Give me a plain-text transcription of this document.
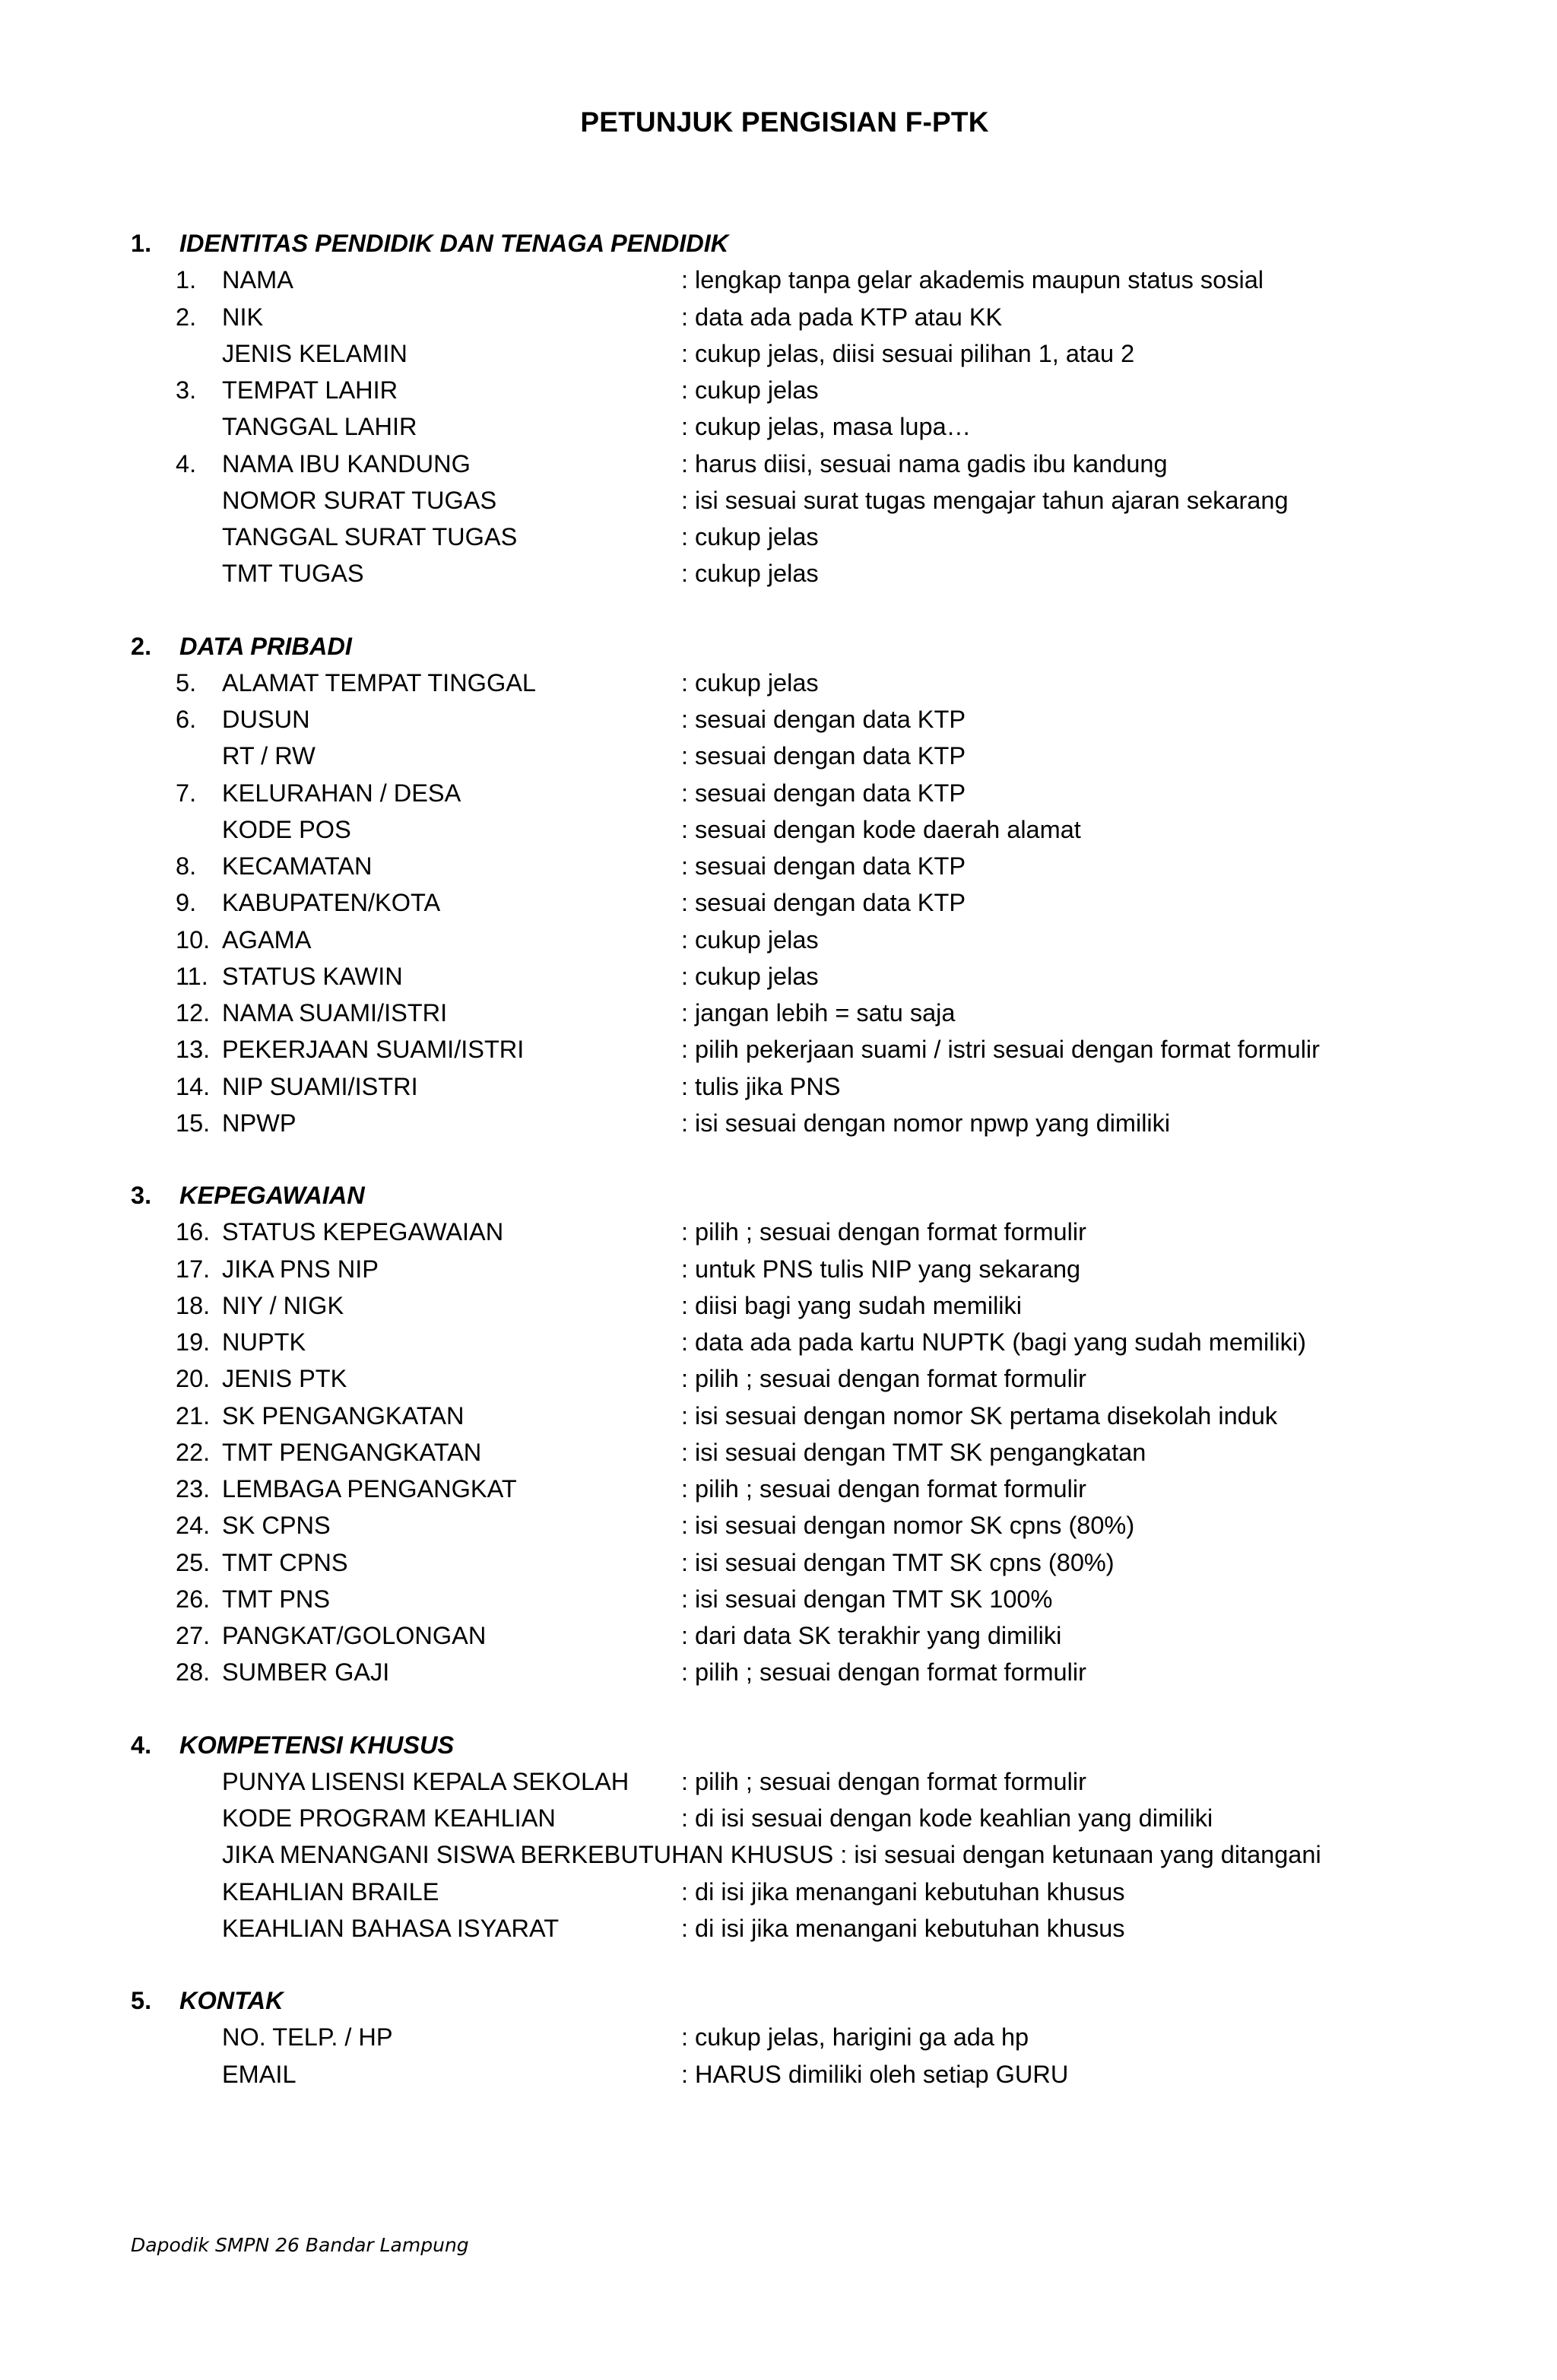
PETUNJUK PENGISIAN F-PTK
1. IDENTITAS PENDIDIK DAN TENAGA PENDIDIK
1. NAMA	: lengkap tanpa gelar akademis maupun status sosial
2. NIK	: data ada pada KTP atau KK
JENIS KELAMIN	: cukup jelas, diisi sesuai pilihan 1, atau 2
3. TEMPAT LAHIR	: cukup jelas
TANGGAL LAHIR	: cukup jelas, masa lupa…
4. NAMA IBU KANDUNG	: harus diisi, sesuai nama gadis ibu kandung
NOMOR SURAT TUGAS	: isi sesuai surat tugas mengajar tahun ajaran sekarang
TANGGAL SURAT TUGAS	: cukup jelas
TMT TUGAS	: cukup jelas
2. DATA PRIBADI
5. ALAMAT TEMPAT TINGGAL	: cukup jelas
6. DUSUN	: sesuai dengan data KTP
RT / RW	: sesuai dengan data KTP
7. KELURAHAN / DESA	: sesuai dengan data KTP
KODE POS	: sesuai dengan kode daerah alamat
8. KECAMATAN	: sesuai dengan data KTP
9. KABUPATEN/KOTA	: sesuai dengan data KTP
10. AGAMA	: cukup jelas
11. STATUS KAWIN	: cukup jelas
12. NAMA SUAMI/ISTRI	: jangan lebih = satu saja
13. PEKERJAAN SUAMI/ISTRI	: pilih pekerjaan suami / istri sesuai dengan format formulir
14. NIP SUAMI/ISTRI	: tulis jika PNS
15. NPWP	: isi sesuai dengan nomor npwp yang dimiliki
3. KEPEGAWAIAN
16. STATUS KEPEGAWAIAN	: pilih ; sesuai dengan format formulir
17. JIKA PNS NIP	: untuk PNS tulis NIP yang sekarang
18. NIY / NIGK	: diisi bagi yang sudah memiliki
19. NUPTK	: data ada pada kartu NUPTK (bagi yang sudah memiliki)
20. JENIS PTK	: pilih ; sesuai dengan format formulir
21. SK PENGANGKATAN	: isi sesuai dengan nomor SK pertama disekolah induk
22. TMT PENGANGKATAN	: isi sesuai dengan TMT SK pengangkatan
23. LEMBAGA PENGANGKAT	: pilih ; sesuai dengan format formulir
24. SK CPNS	: isi sesuai dengan nomor SK cpns (80%)
25. TMT CPNS	: isi sesuai dengan TMT SK cpns (80%)
26. TMT PNS	: isi sesuai dengan TMT SK 100%
27. PANGKAT/GOLONGAN	: dari data SK terakhir yang dimiliki
28. SUMBER GAJI	: pilih ; sesuai dengan format formulir
4. KOMPETENSI KHUSUS
PUNYA LISENSI KEPALA SEKOLAH : pilih ; sesuai dengan format formulir
KODE PROGRAM KEAHLIAN	: di isi sesuai dengan kode keahlian yang dimiliki
JIKA MENANGANI SISWA BERKEBUTUHAN KHUSUS : isi sesuai dengan ketunaan yang ditangani
KEAHLIAN BRAILE	: di isi jika menangani kebutuhan khusus
KEAHLIAN BAHASA ISYARAT	: di isi jika menangani kebutuhan khusus
5. KONTAK
NO. TELP. / HP	: cukup jelas, harigini ga ada hp
EMAIL	: HARUS dimiliki oleh setiap GURU
Dapodik SMPN 26 Bandar Lampung
